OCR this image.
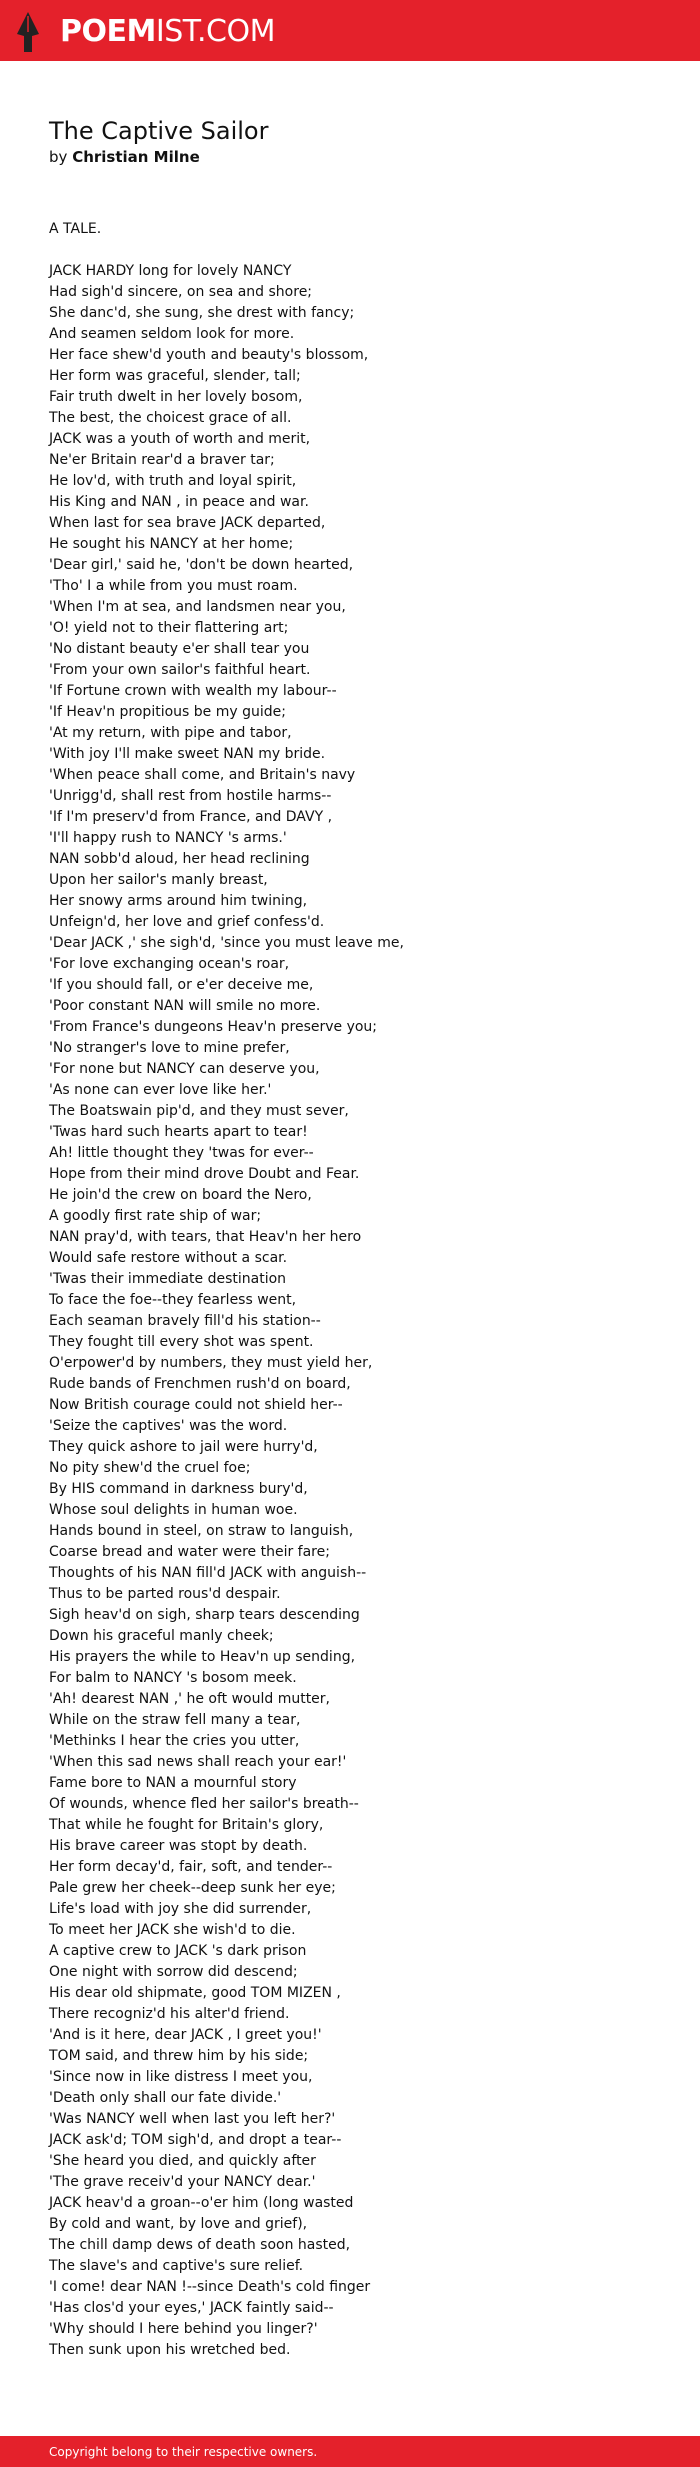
POEMIST.COM
The Captive Sailor
by Christian Milne
A TALE.
JACK HARDY long for lovely NANCY
Had sigh'd sincere, on sea and shore;
She danc'd, she sung, she drest with fancy;
And seamen seldom look for more.
Her face shew'd youth and beauty's blossom,
Her form was graceful, slender, tall;
Fair truth dwelt in her lovely bosom,
The best, the choicest grace of all.
JACK was a youth of worth and merit,
Ne'er Britain rear'd a braver tar;
He lov'd, with truth and loyal spirit,
His King and NAN , in peace and war.
When last for sea brave JACK departed,
He sought his NANCY at her home;
'Dear girl,' said he, 'don't be down hearted,
'Tho' I a while from you must roam.
'When I'm at sea, and landsmen near you,
'O! yield not to their flattering art;
'No distant beauty e'er shall tear you
'From your own sailor's faithful heart.
'If Fortune crown with wealth my labour--
'If Heav'n propitious be my guide;
'At my return, with pipe and tabor,
'With joy I'll make sweet NAN my bride.
'When peace shall come, and Britain's navy
'Unrigg'd, shall rest from hostile harms--
'If I'm preserv'd from France, and DAVY ,
'I'll happy rush to NANCY 's arms.'
NAN sobb'd aloud, her head reclining
Upon her sailor's manly breast,
Her snowy arms around him twining,
Unfeign'd, her love and grief confess'd.
'Dear JACK ,' she sigh'd, 'since you must leave me,
'For love exchanging ocean's roar,
'If you should fall, or e'er deceive me,
'Poor constant NAN will smile no more.
'From France's dungeons Heav'n preserve you;
'No stranger's love to mine prefer,
'For none but NANCY can deserve you,
'As none can ever love like her.'
The Boatswain pip'd, and they must sever,
'Twas hard such hearts apart to tear!
Ah! little thought they 'twas for ever--
Hope from their mind drove Doubt and Fear.
He join'd the crew on board the Nero,
A goodly first rate ship of war;
NAN pray'd, with tears, that Heav'n her hero
Would safe restore without a scar.
'Twas their immediate destination
To face the foe--they fearless went,
Each seaman bravely fill'd his station--
They fought till every shot was spent.
O'erpower'd by numbers, they must yield her,
Rude bands of Frenchmen rush'd on board,
Now British courage could not shield her--
'Seize the captives' was the word.
They quick ashore to jail were hurry'd,
No pity shew'd the cruel foe;
By HIS command in darkness bury'd,
Whose soul delights in human woe.
Hands bound in steel, on straw to languish,
Coarse bread and water were their fare;
Thoughts of his NAN fill'd JACK with anguish--
Thus to be parted rous'd despair.
Sigh heav'd on sigh, sharp tears descending
Down his graceful manly cheek;
His prayers the while to Heav'n up sending,
For balm to NANCY 's bosom meek.
'Ah! dearest NAN ,' he oft would mutter,
While on the straw fell many a tear,
'Methinks I hear the cries you utter,
'When this sad news shall reach your ear!'
Fame bore to NAN a mournful story
Of wounds, whence fled her sailor's breath--
That while he fought for Britain's glory,
His brave career was stopt by death.
Her form decay'd, fair, soft, and tender--
Pale grew her cheek--deep sunk her eye;
Life's load with joy she did surrender,
To meet her JACK she wish'd to die.
A captive crew to JACK 's dark prison
One night with sorrow did descend;
His dear old shipmate, good TOM MIZEN ,
There recogniz'd his alter'd friend.
'And is it here, dear JACK , I greet you!'
TOM said, and threw him by his side;
'Since now in like distress I meet you,
'Death only shall our fate divide.'
'Was NANCY well when last you left her?'
JACK ask'd; TOM sigh'd, and dropt a tear--
'She heard you died, and quickly after
'The grave receiv'd your NANCY dear.'
JACK heav'd a groan--o'er him (long wasted
By cold and want, by love and grief),
The chill damp dews of death soon hasted,
The slave's and captive's sure relief.
'I come! dear NAN !--since Death's cold finger
'Has clos'd your eyes,' JACK faintly said--
'Why should I here behind you linger?'
Then sunk upon his wretched bed.
Copyright belong to their respective owners.
